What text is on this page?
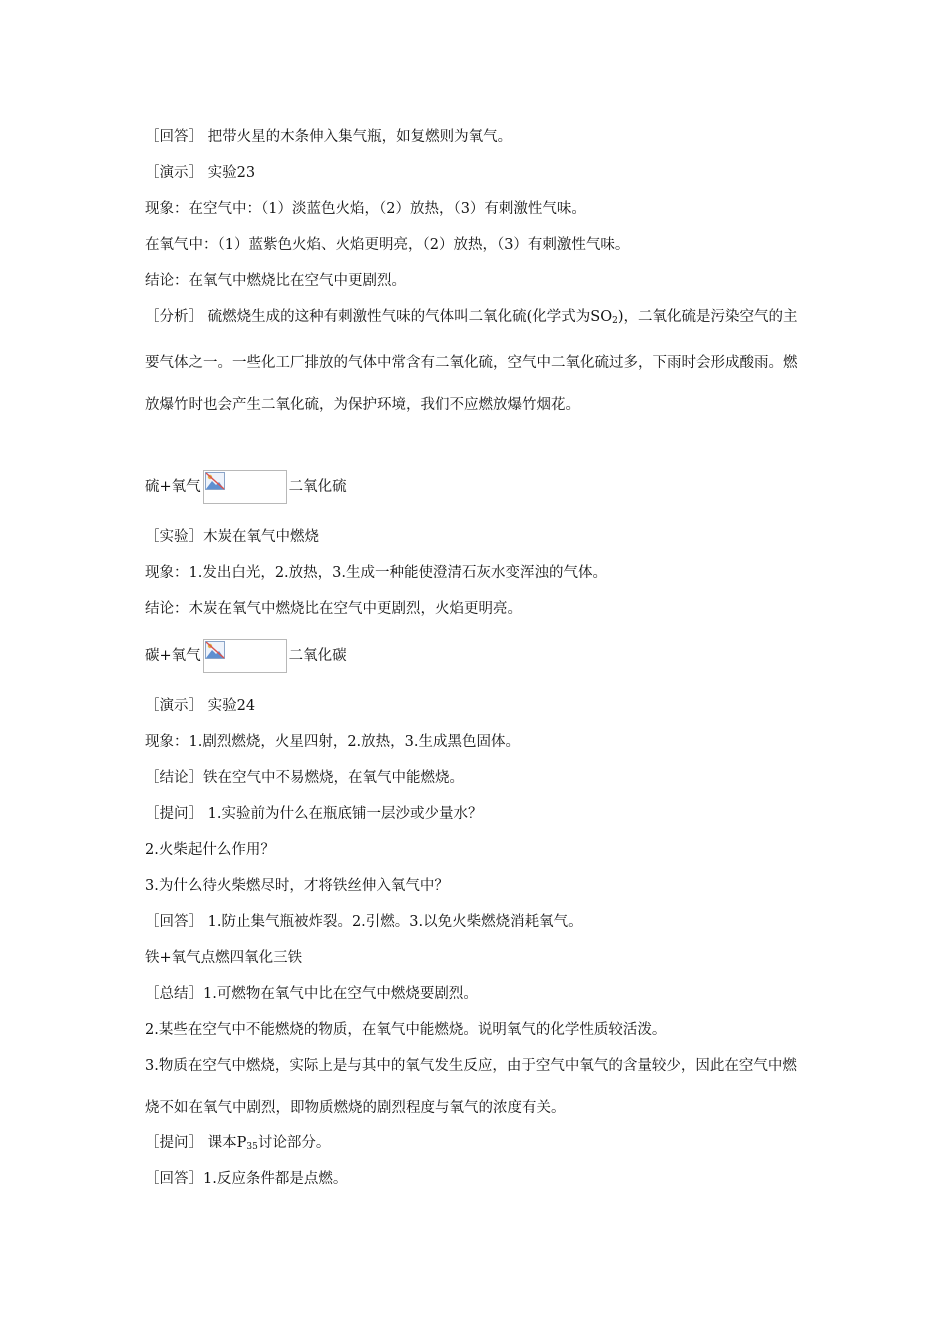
［回答］ 把带火星的木条伸入集气瓶，如复燃则为氧气。
［演示］ 实验23
现象：在空气中：（1）淡蓝色火焰，（2）放热，（3）有刺激性气味。
在氧气中：（1）蓝紫色火焰、火焰更明亮，（2）放热，（3）有刺激性气味。
结论：在氧气中燃烧比在空气中更剧烈。
［分析］ 硫燃烧生成的这种有刺激性气味的气体叫二氧化硫(化学式为$SO_2$)，二氧化硫是污染空气的主要气体之一。一些化工厂排放的气体中常含有二氧化硫，空气中二氧化硫过多，下雨时会形成酸雨。燃放爆竹时也会产生二氧化硫，为保护环境，我们不应燃放爆竹烟花。
硫+氧气	二氧化硫
［实验］木炭在氧气中燃烧
现象：1.发出白光，2.放热，3.生成一种能使澄清石灰水变浑浊的气体。
结论：木炭在氧气中燃烧比在空气中更剧烈，火焰更明亮。
碳+氧气	二氧化碳
［演示］ 实验24
现象：1.剧烈燃烧，火星四射，2.放热，3.生成黑色固体。
［结论］铁在空气中不易燃烧，在氧气中能燃烧。
［提问］ 1.实验前为什么在瓶底铺一层沙或少量水？
2.火柴起什么作用？
3.为什么待火柴燃尽时，才将铁丝伸入氧气中？
［回答］ 1.防止集气瓶被炸裂。2.引燃。3.以免火柴燃烧消耗氧气。
铁+氧气点燃四氧化三铁
［总结］1.可燃物在氧气中比在空气中燃烧要剧烈。
2.某些在空气中不能燃烧的物质，在氧气中能燃烧。说明氧气的化学性质较活泼。
3.物质在空气中燃烧，实际上是与其中的氧气发生反应，由于空气中氧气的含量较少，因此在空气中燃烧不如在氧气中剧烈，即物质燃烧的剧烈程度与氧气的浓度有关。
［提问］ 课本$P_{35}$讨论部分。
［回答］1.反应条件都是点燃。
